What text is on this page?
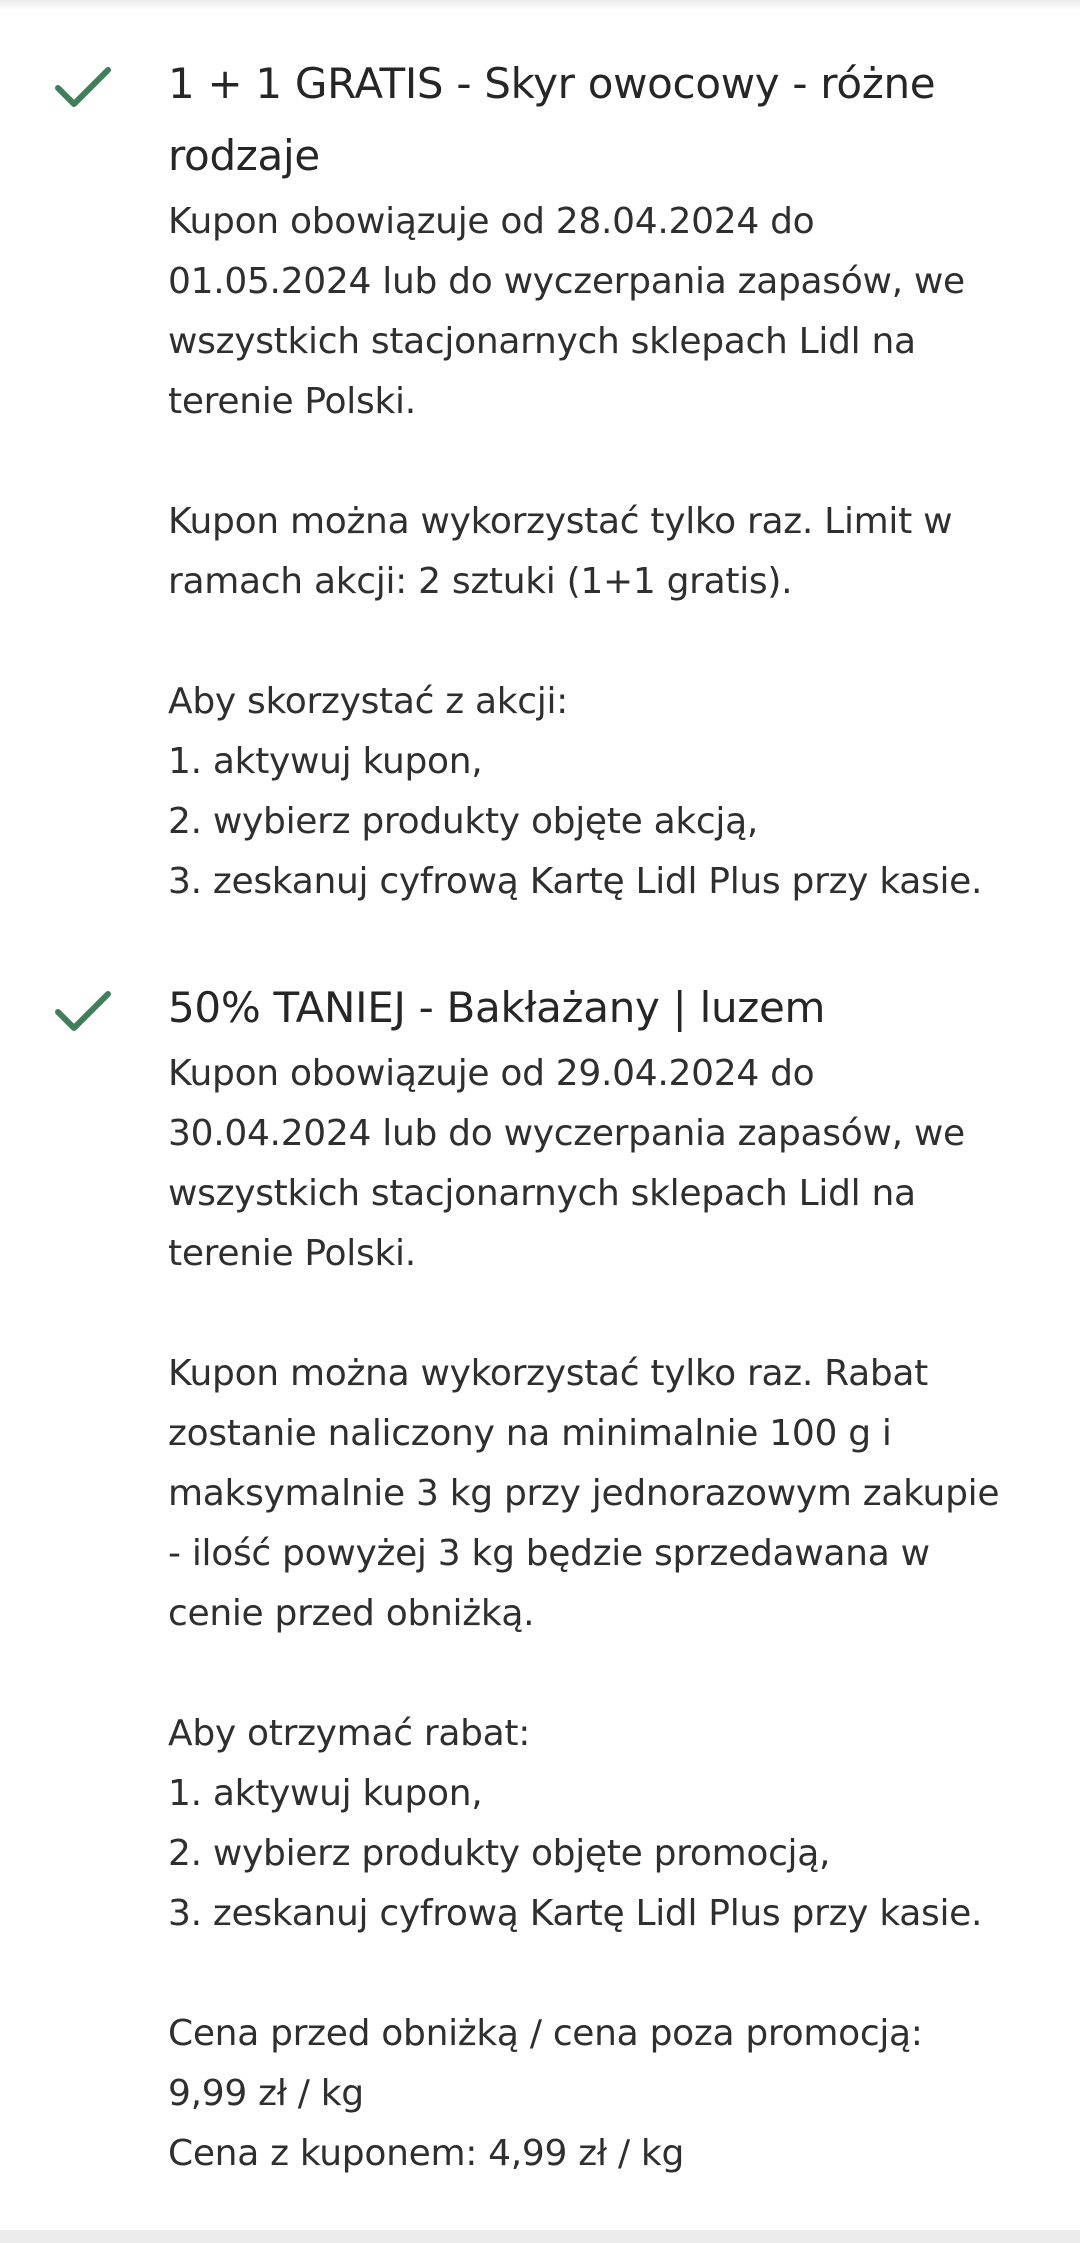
1 + 1 GRATIS - Skyr owocowy - różne
rodzaje

Kupon obowiązuje od 28.04.2024 do
01.05.2024 lub do wyczerpania zapasów, we
wszystkich stacjonarnych sklepach Lidl na
terenie Polski.
Kupon można wykorzystać tylko raz. Limit w
ramach akcji: 2 sztuki (1+1 gratis).
Aby skorzystać z akcji:
1. aktywuj kupon,
2. wybierz produkty objęte akcją,
3. zeskanuj cyfrową Kartę Lidl Plus przy kasie.

50% TANIEJ - Bakłażany | luzem

Kupon obowiązuje od 29.04.2024 do
30.04.2024 lub do wyczerpania zapasów, we
wszystkich stacjonarnych sklepach Lidl na
terenie Polski.
Kupon można wykorzystać tylko raz. Rabat
zostanie naliczony na minimalnie 100 g i
maksymalnie 3 kg przy jednorazowym zakupie
- ilość powyżej 3 kg będzie sprzedawana w
cenie przed obniżką.
Aby otrzymać rabat:
1. aktywuj kupon,
2. wybierz produkty objęte promocją,
3. zeskanuj cyfrową Kartę Lidl Plus przy kasie.
Cena przed obniżką / cena poza promocją:
9,99 zł / kg
Cena z kuponem: 4,99 zł / kg
